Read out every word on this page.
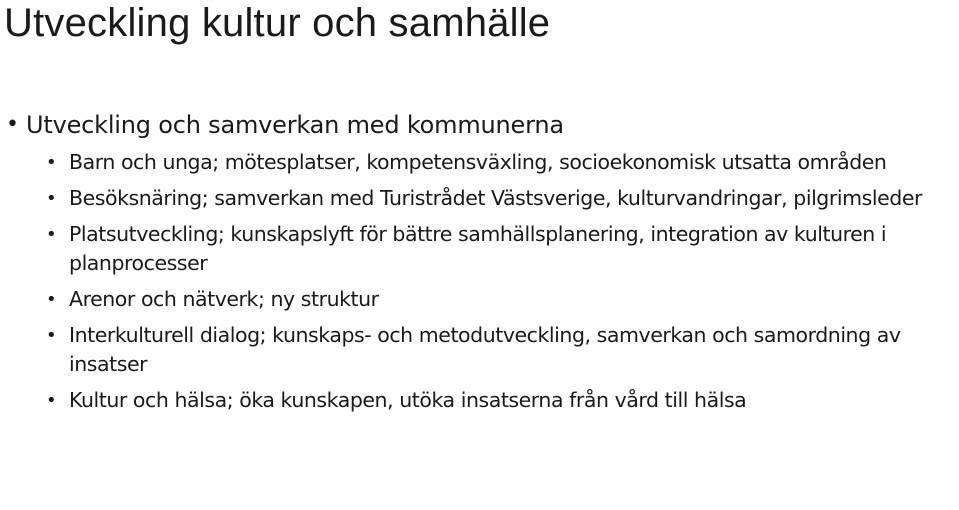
Utveckling kultur och samhälle
• Utveckling och samverkan med kommunerna
• Barn och unga; mötesplatser, kompetensväxling, socioekonomisk utsatta områden
• Besöksnäring; samverkan med Turistrådet Västsverige, kulturvandringar, pilgrimsleder
• Platsutveckling; kunskapslyft för bättre samhällsplanering, integration av kulturen i planprocesser
• Arenor och nätverk; ny struktur
• Interkulturell dialog; kunskaps- och metodutveckling, samverkan och samordning av insatser
• Kultur och hälsa; öka kunskapen, utöka insatserna från vård till hälsa
